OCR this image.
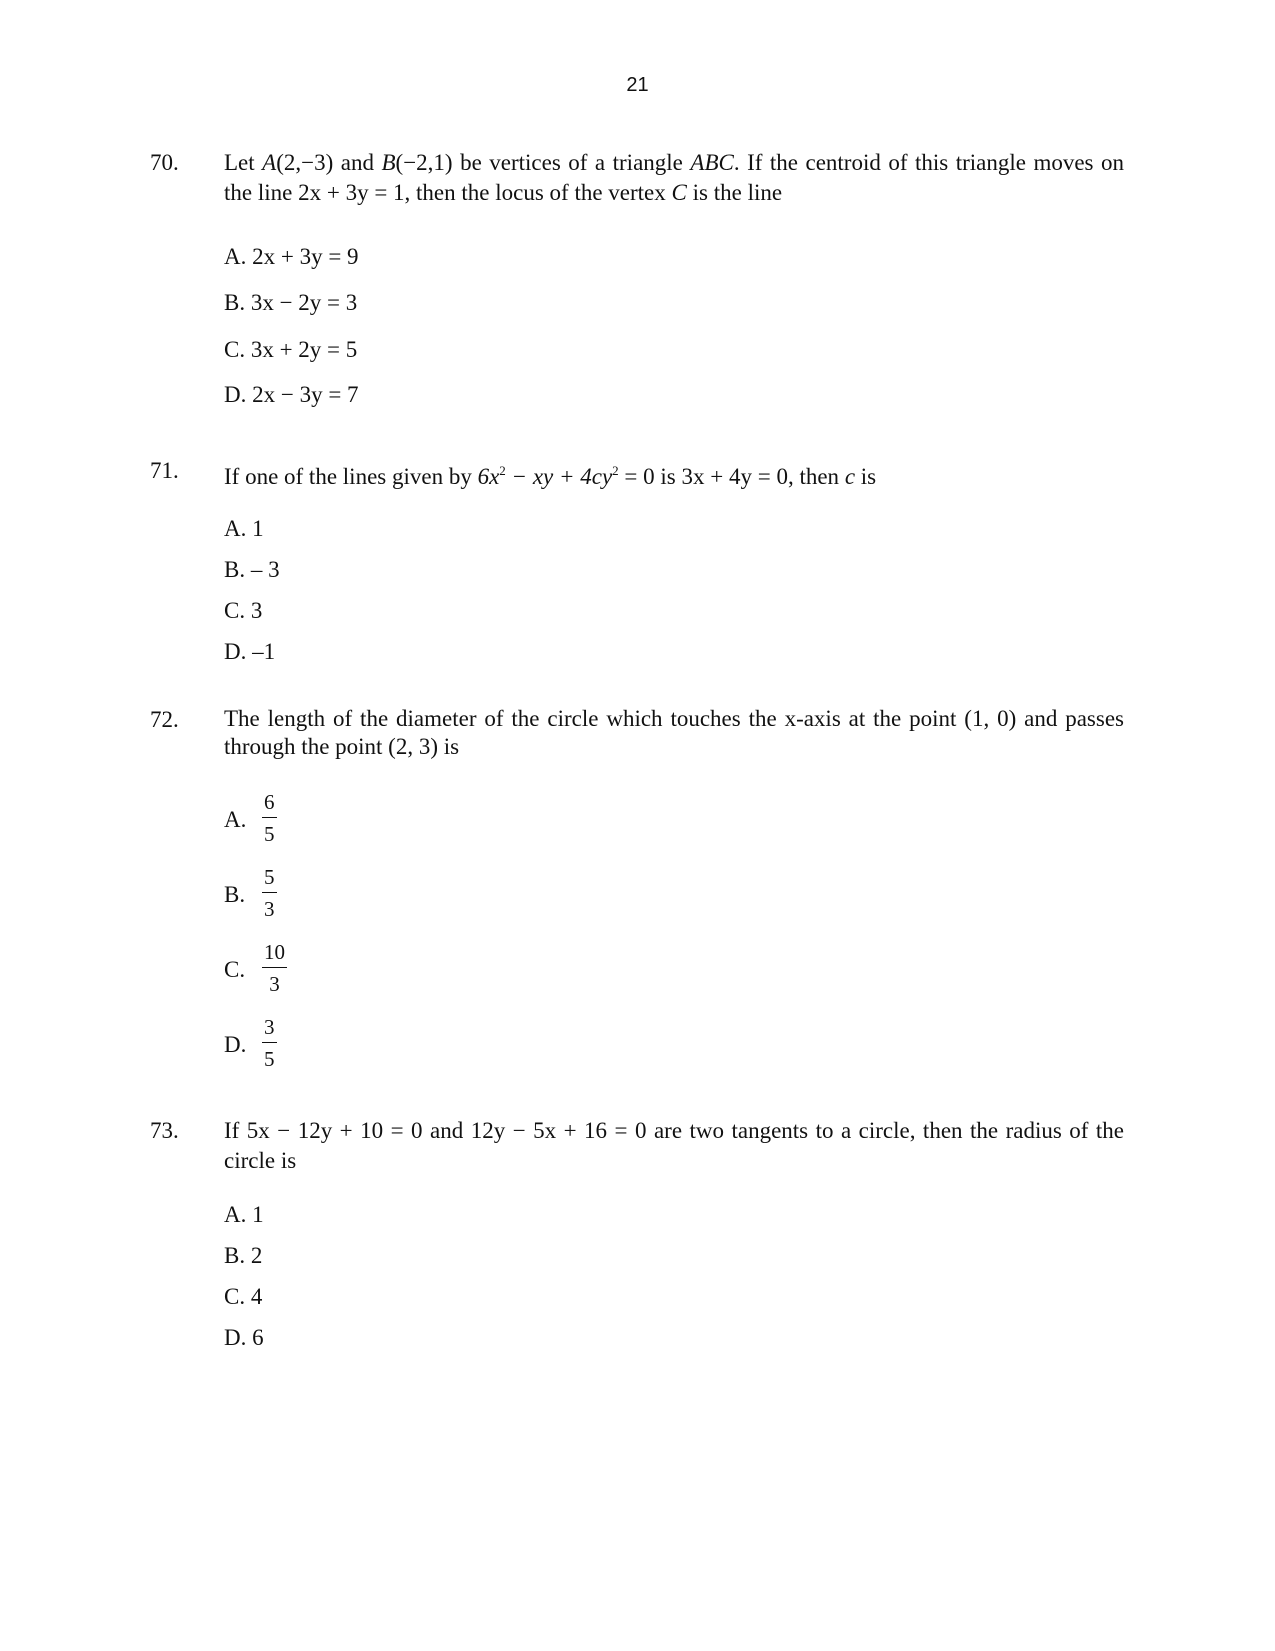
21
70. Let A(2,−3) and B(−2,1) be vertices of a triangle ABC. If the centroid of this triangle moves on the line 2x + 3y = 1, then the locus of the vertex C is the line
A. 2x + 3y = 9
B. 3x − 2y = 3
C. 3x + 2y = 5
D. 2x − 3y = 7
71. If one of the lines given by $6x^2$ − xy + $4cy^2 = 0$ is 3x + 4y = 0, then c is
A. 1
B. – 3
C. 3
D. –1
72. The length of the diameter of the circle which touches the x-axis at the point (1, 0) and passes through the point (2, 3) is
A.
6
5
B.
5
3
C.
10
3
D.
3
5
73. If 5x − 12y + 10 = 0 and 12y − 5x + 16 = 0 are two tangents to a circle, then the radius of the circle is
A. 1
B. 2
C. 4
D. 6
